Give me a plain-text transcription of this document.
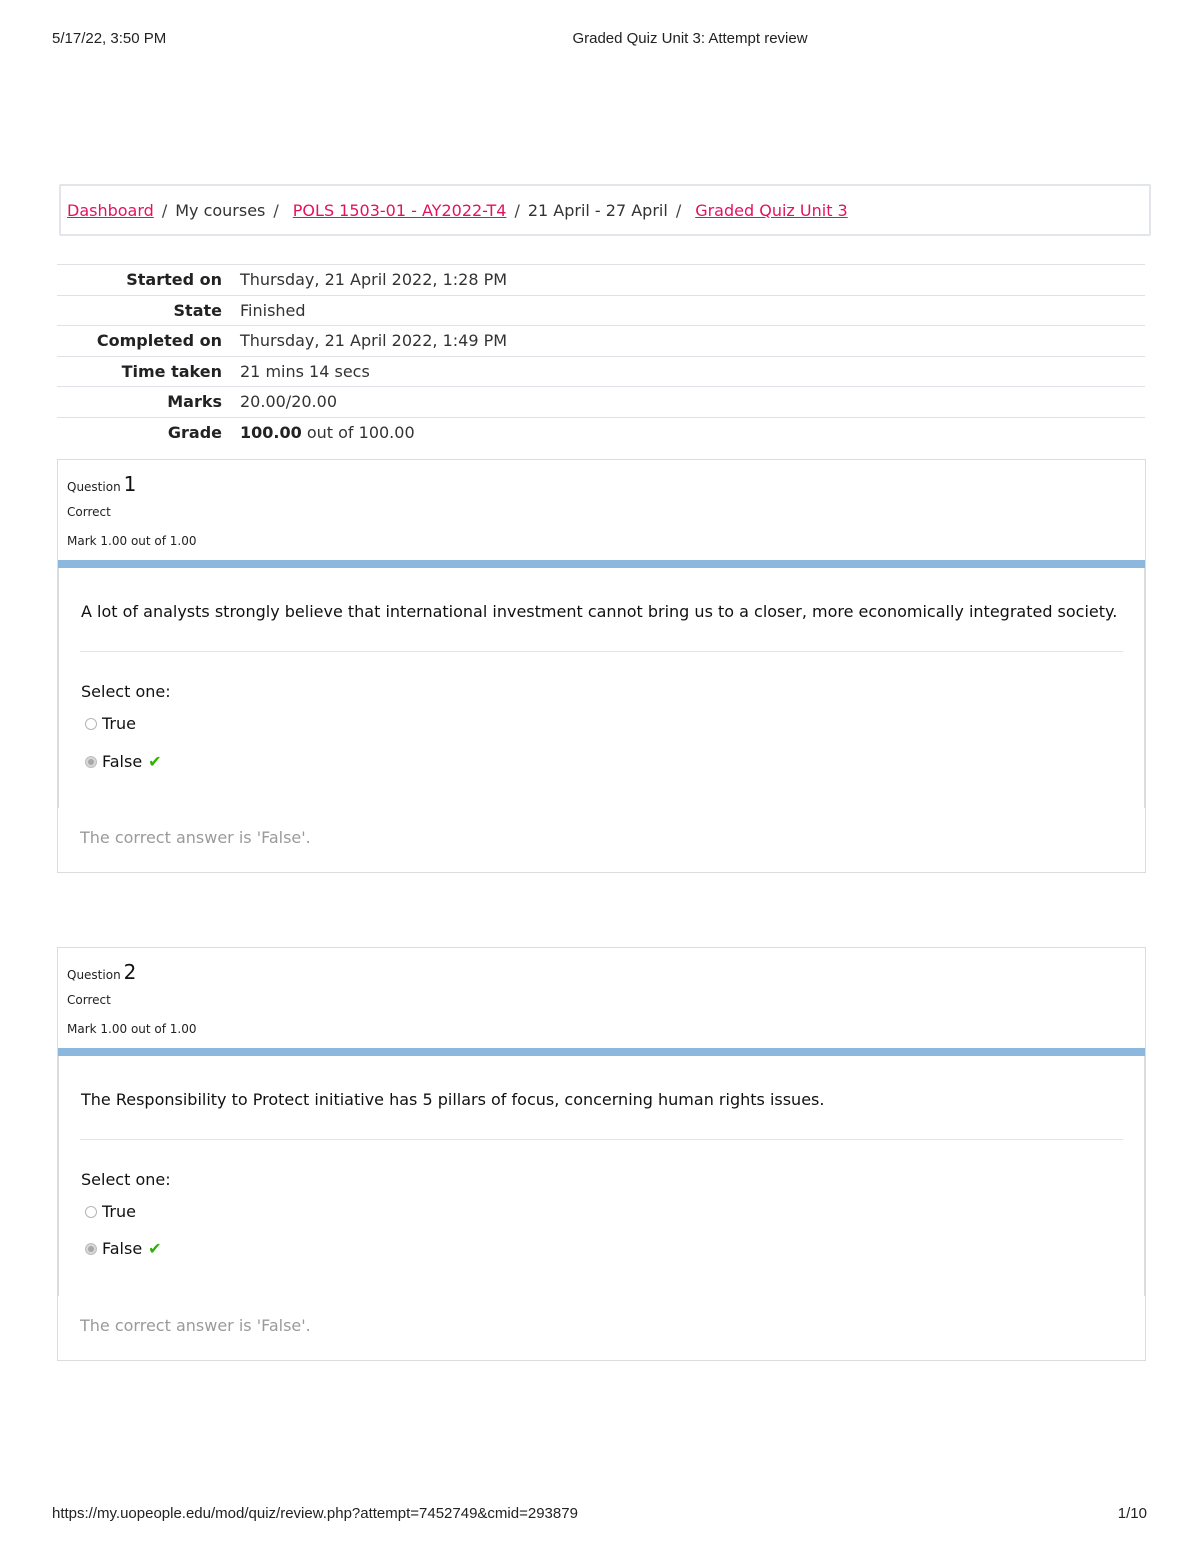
5/17/22, 3:50 PM	Graded Quiz Unit 3: Attempt review
Dashboard / My courses / POLS 1503-01 - AY2022-T4 / 21 April - 27 April / Graded Quiz Unit 3
Started on	Thursday, 21 April 2022, 1:28 PM
State	Finished
Completed on	Thursday, 21 April 2022, 1:49 PM
Time taken	21 mins 14 secs
Marks	20.00/20.00
Grade	100.00 out of 100.00
Question 1
Correct
Mark 1.00 out of 1.00
A lot of analysts strongly believe that international investment cannot bring us to a closer, more economically integrated society.
Select one:
True
False ✔
The correct answer is 'False'.
Question 2
Correct
Mark 1.00 out of 1.00
The Responsibility to Protect initiative has 5 pillars of focus, concerning human rights issues.
Select one:
True
False ✔
The correct answer is 'False'.
https://my.uopeople.edu/mod/quiz/review.php?attempt=7452749&cmid=293879	1/10
